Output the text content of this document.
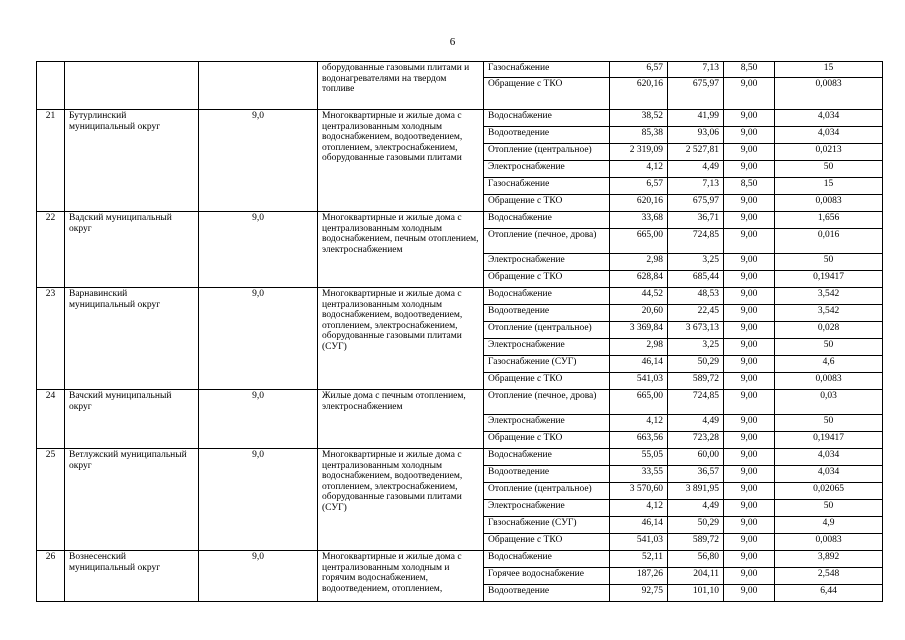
6
			оборудованные газовыми плитами и водонагревателями на твердом топливе	Газоснабжение	6,57	7,13	8,50	15
				Обращение с ТКО	620,16	675,97	9,00	0,0083
21	Бутурлинский муниципальный округ	9,0	Многоквартирные и жилые дома с централизованным холодным водоснабжением, водоотведением, отоплением, электроснабжением, оборудованные газовыми плитами	Водоснабжение	38,52	41,99	9,00	4,034
				Водоотведение	85,38	93,06	9,00	4,034
				Отопление (центральное)	2 319,09	2 527,81	9,00	0,0213
				Электроснабжение	4,12	4,49	9,00	50
				Газоснабжение	6,57	7,13	8,50	15
				Обращение с ТКО	620,16	675,97	9,00	0,0083
22	Вадский муниципальный округ	9,0	Многоквартирные и жилые дома с централизованным холодным водоснабжением, печным отоплением, электроснабжением	Водоснабжение	33,68	36,71	9,00	1,656
				Отопление (печное, дрова)	665,00	724,85	9,00	0,016
				Электроснабжение	2,98	3,25	9,00	50
				Обращение с ТКО	628,84	685,44	9,00	0,19417
23	Варнавинский муниципальный округ	9,0	Многоквартирные и жилые дома с централизованным холодным водоснабжением, водоотведением, отоплением, электроснабжением, оборудованные газовыми плитами (СУГ)	Водоснабжение	44,52	48,53	9,00	3,542
				Водоотведение	20,60	22,45	9,00	3,542
				Отопление (центральное)	3 369,84	3 673,13	9,00	0,028
				Электроснабжение	2,98	3,25	9,00	50
				Газоснабжение (СУГ)	46,14	50,29	9,00	4,6
				Обращение с ТКО	541,03	589,72	9,00	0,0083
24	Вачский муниципальный округ	9,0	Жилые дома с печным отоплением, электроснабжением	Отопление (печное, дрова)	665,00	724,85	9,00	0,03
				Электроснабжение	4,12	4,49	9,00	50
				Обращение с ТКО	663,56	723,28	9,00	0,19417
25	Ветлужский муниципальный округ	9,0	Многоквартирные и жилые дома с централизованным холодным водоснабжением, водоотведением, отоплением, электроснабжением, оборудованные газовыми плитами (СУГ)	Водоснабжение	55,05	60,00	9,00	4,034
				Водоотведение	33,55	36,57	9,00	4,034
				Отопление (центральное)	3 570,60	3 891,95	9,00	0,02065
				Электроснабжение	4,12	4,49	9,00	50
				Гвзоснабжение (СУГ)	46,14	50,29	9,00	4,9
				Обращение с ТКО	541,03	589,72	9,00	0,0083
26	Вознесенский муниципальный округ	9,0	Многоквартирные и жилые дома с централизованным холодным и горячим водоснабжением, водоотведением, отоплением,	Водоснабжение	52,11	56,80	9,00	3,892
				Горячее водоснабжение	187,26	204,11	9,00	2,548
				Водоотведение	92,75	101,10	9,00	6,44
